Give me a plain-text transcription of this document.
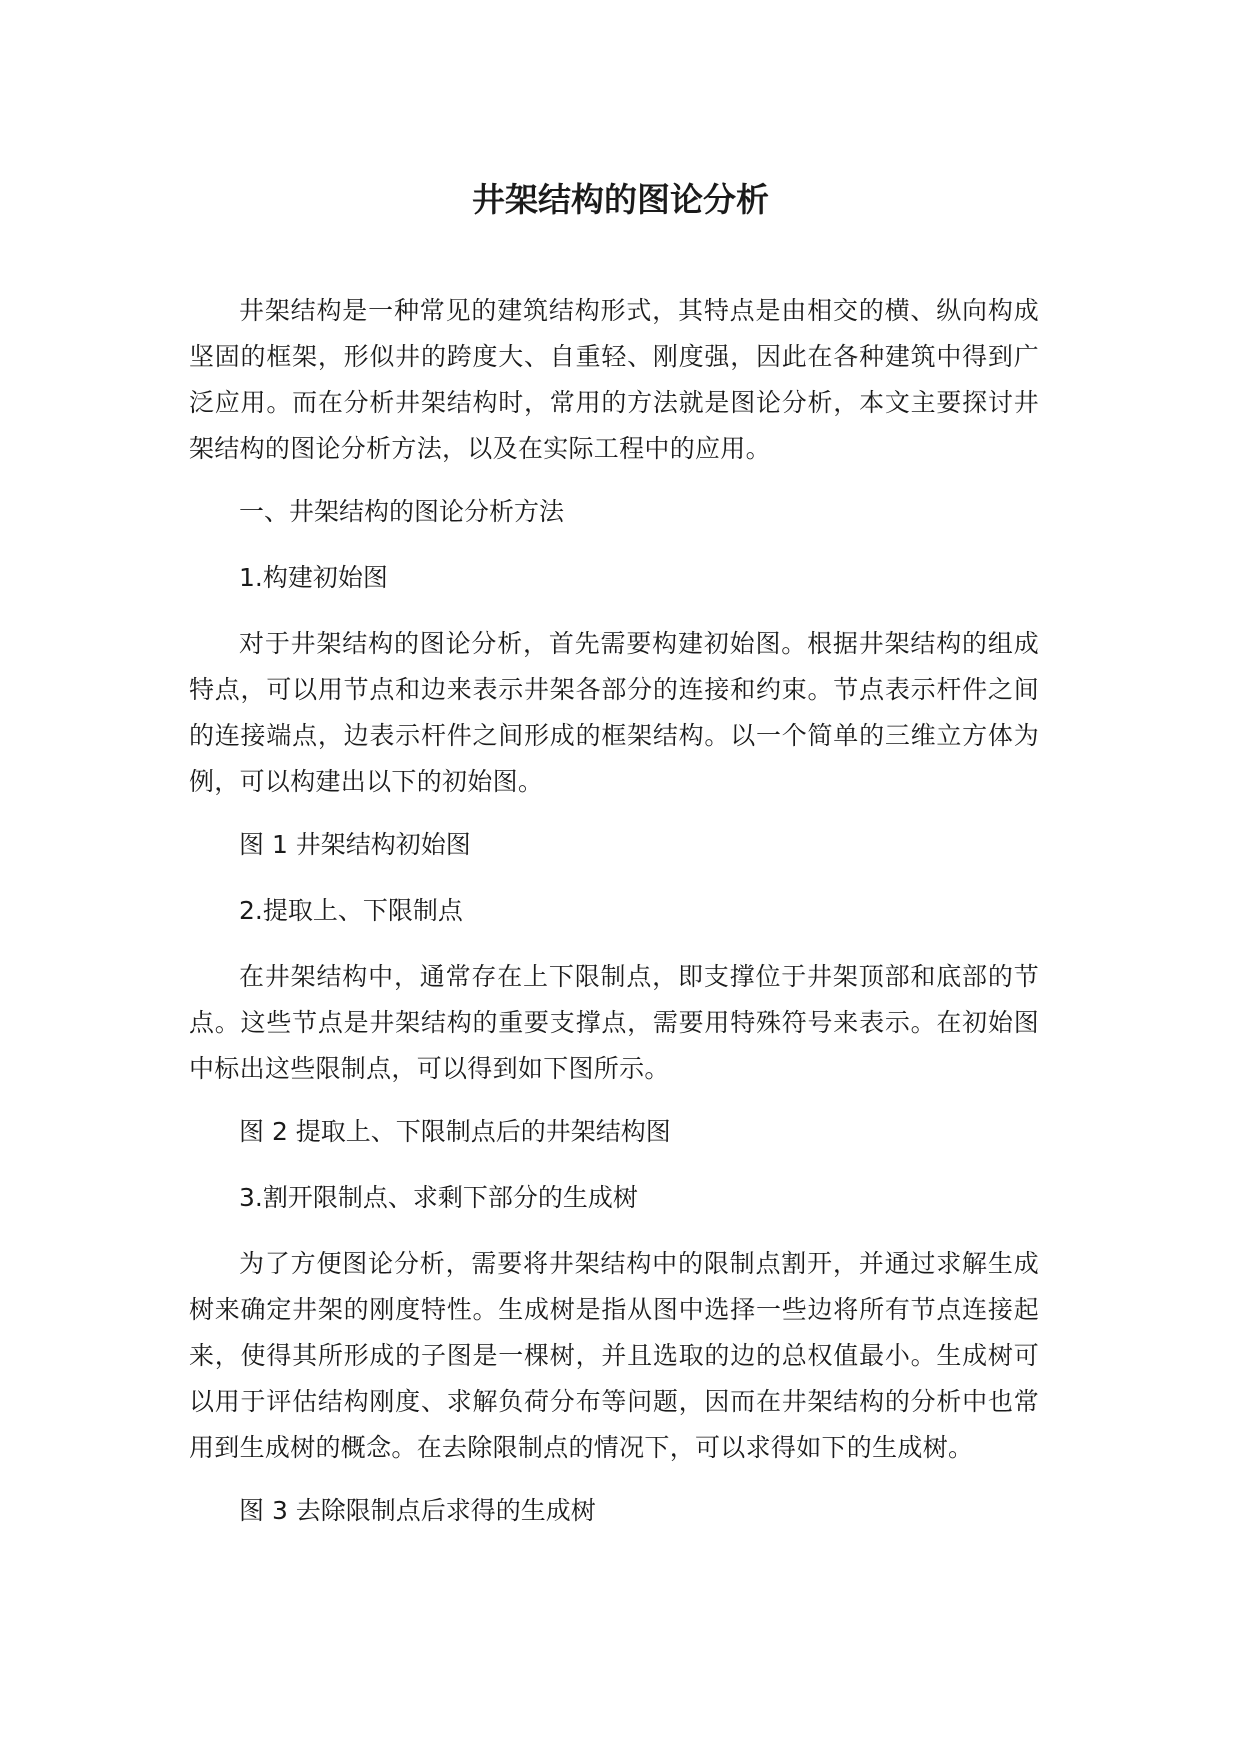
井架结构的图论分析

井架结构是一种常见的建筑结构形式，其特点是由相交的横、纵向构成坚固的框架，形似井的跨度大、自重轻、刚度强，因此在各种建筑中得到广泛应用。而在分析井架结构时，常用的方法就是图论分析，本文主要探讨井架结构的图论分析方法，以及在实际工程中的应用。

一、井架结构的图论分析方法

1.构建初始图

对于井架结构的图论分析，首先需要构建初始图。根据井架结构的组成特点，可以用节点和边来表示井架各部分的连接和约束。节点表示杆件之间的连接端点，边表示杆件之间形成的框架结构。以一个简单的三维立方体为例，可以构建出以下的初始图。

图 1 井架结构初始图

2.提取上、下限制点

在井架结构中，通常存在上下限制点，即支撑位于井架顶部和底部的节点。这些节点是井架结构的重要支撑点，需要用特殊符号来表示。在初始图中标出这些限制点，可以得到如下图所示。

图 2 提取上、下限制点后的井架结构图

3.割开限制点、求剩下部分的生成树

为了方便图论分析，需要将井架结构中的限制点割开，并通过求解生成树来确定井架的刚度特性。生成树是指从图中选择一些边将所有节点连接起来，使得其所形成的子图是一棵树，并且选取的边的总权值最小。生成树可以用于评估结构刚度、求解负荷分布等问题，因而在井架结构的分析中也常用到生成树的概念。在去除限制点的情况下，可以求得如下的生成树。

图 3 去除限制点后求得的生成树
